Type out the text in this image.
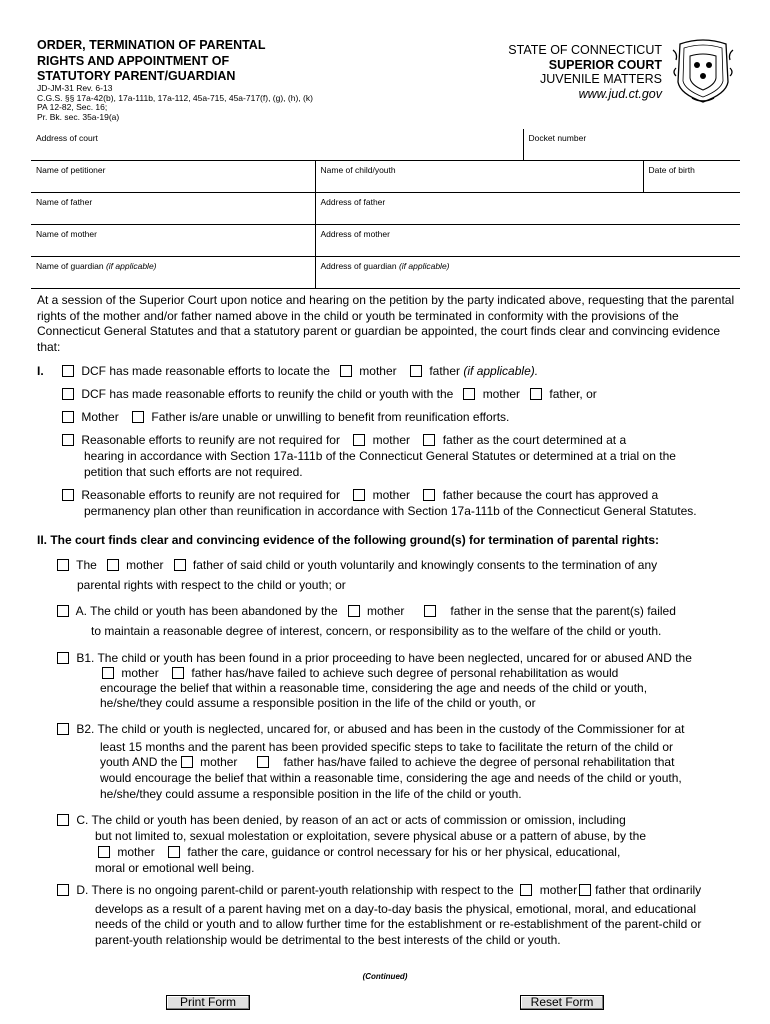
ORDER, TERMINATION OF PARENTAL
RIGHTS AND APPOINTMENT OF
STATUTORY PARENT/GUARDIAN
JD-JM-31 Rev. 6-13
C.G.S. §§ 17a-42(b), 17a-111b, 17a-112, 45a-715, 45a-717(f), (g), (h), (k)
PA 12-82, Sec. 16;
Pr. Bk. sec. 35a-19(a)
STATE OF CONNECTICUT
SUPERIOR COURT
JUVENILE MATTERS
www.jud.ct.gov
Address of court		Docket number	
Name of petitioner	Name of child/youth		Date of birth
Name of father	Address of father		
Name of mother	Address of mother		
Name of guardian (if applicable)	Address of guardian (if applicable)		
At a session of the Superior Court upon notice and hearing on the petition by the party indicated above, requesting that the parental rights of the mother and/or father named above in the child or youth be terminated in conformity with the provisions of the Connecticut General Statutes and that a statutory parent or guardian be appointed, the court finds clear and convincing evidence that:
I.	DCF has made reasonable efforts to locate the mother	father (if applicable).
DCF has made reasonable efforts to reunify the child or youth with the mother father, or
Mother	Father is/are unable or unwilling to benefit from reunification efforts.
Reasonable efforts to reunify are not required for	mother	father as the court determined at a
hearing in accordance with Section 17a-111b of the Connecticut General Statutes or determined at a trial on the
petition that such efforts are not required.
Reasonable efforts to reunify are not required for	mother	father because the court has approved a
permanency plan other than reunification in accordance with Section 17a-111b of the Connecticut General Statutes.
II. The court finds clear and convincing evidence of the following ground(s) for termination of parental rights:
The mother father of said child or youth voluntarily and knowingly consents to the termination of any
parental rights with respect to the child or youth; or
A. The child or youth has been abandoned by the mother	father in the sense that the parent(s) failed
to maintain a reasonable degree of interest, concern, or responsibility as to the welfare of the child or youth.
B1. The child or youth has been found in a prior proceeding to have been neglected, uncared for or abused AND the
mother	father has/have failed to achieve such degree of personal rehabilitation as would
encourage the belief that within a reasonable time, considering the age and needs of the child or youth,
he/she/they could assume a responsible position in the life of the child or youth, or
B2. The child or youth is neglected, uncared for, or abused and has been in the custody of the Commissioner for at
least 15 months and the parent has been provided specific steps to take to facilitate the return of the child or
youth AND the mother	father has/have failed to achieve the degree of personal rehabilitation that
would encourage the belief that within a reasonable time, considering the age and needs of the child or youth,
he/she/they could assume a responsible position in the life of the child or youth.
C. The child or youth has been denied, by reason of an act or acts of commission or omission, including
but not limited to, sexual molestation or exploitation, severe physical abuse or a pattern of abuse, by the
mother	father the care, guidance or control necessary for his or her physical, educational,
moral or emotional well being.
D. There is no ongoing parent-child or parent-youth relationship with respect to the mother father that ordinarily
develops as a result of a parent having met on a day-to-day basis the physical, emotional, moral, and educational
needs of the child or youth and to allow further time for the establishment or re-establishment of the parent-child or
parent-youth relationship would be detrimental to the best interests of the child or youth.
(Continued)
Print Form	Reset Form
